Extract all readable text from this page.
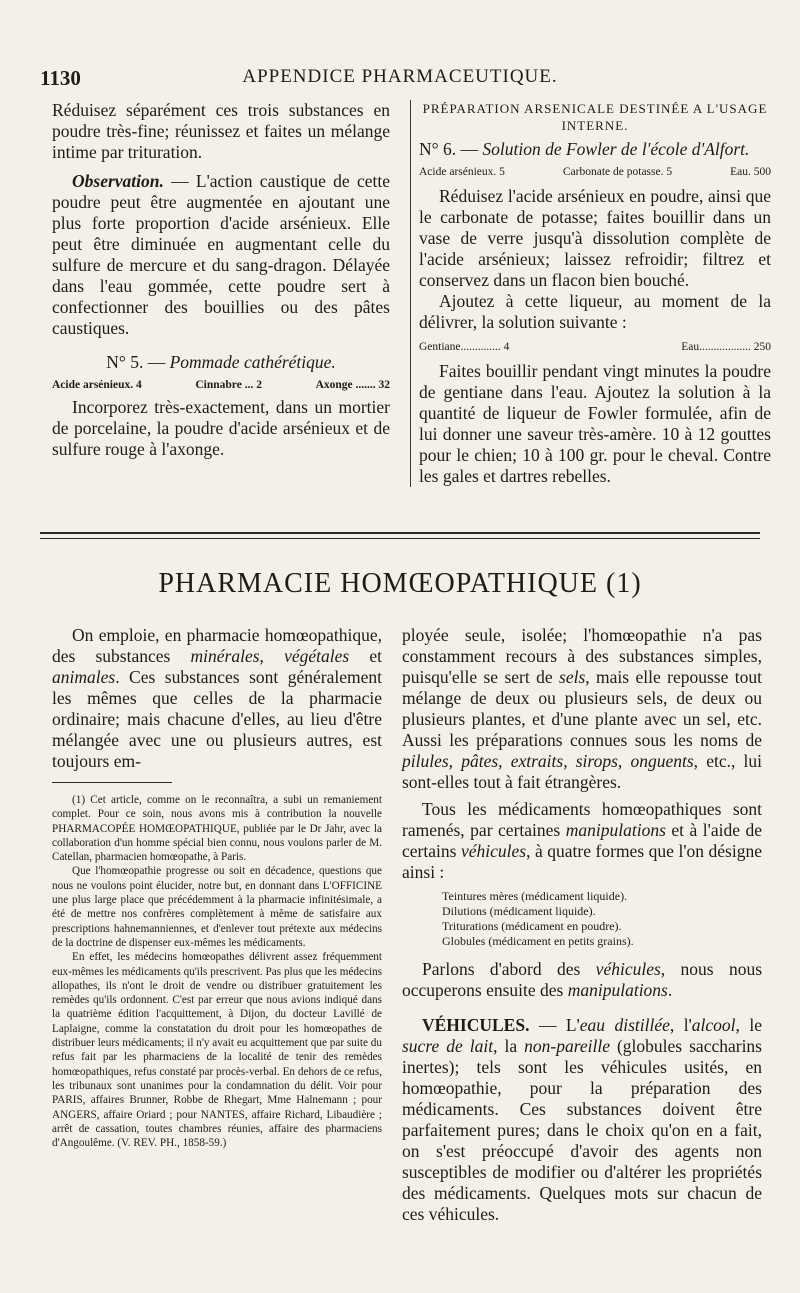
1130	APPENDICE PHARMACEUTIQUE.

Réduisez séparément ces trois substances en poudre très-fine; réunissez et faites un mélange intime par trituration.

Observation. — L'action caustique de cette poudre peut être augmentée en ajoutant une plus forte proportion d'acide arsénieux. Elle peut être diminuée en augmentant celle du sulfure de mercure et du sang-dragon. Délayée dans l'eau gommée, cette poudre sert à confectionner des bouillies ou des pâtes caustiques.

N° 5. — Pommade cathérétique.
Acide arsénieux. 4	Cinnabre ... 2	Axonge ....... 32

Incorporez très-exactement, dans un mortier de porcelaine, la poudre d'acide arsénieux et de sulfure rouge à l'axonge.

PRÉPARATION ARSENICALE DESTINÉE A L'USAGE
INTERNE.
N° 6. — Solution de Fowler de l'école d'Alfort.
Acide arsénieux. 5	Carbonate de potasse. 5	Eau. 500

Réduisez l'acide arsénieux en poudre, ainsi que le carbonate de potasse; faites bouillir dans un vase de verre jusqu'à dissolution complète de l'acide arsénieux; laissez refroidir; filtrez et conservez dans un flacon bien bouché.

Ajoutez à cette liqueur, au moment de la délivrer, la solution suivante :

Gentiane.............. 4	Eau.................. 250

Faites bouillir pendant vingt minutes la poudre de gentiane dans l'eau. Ajoutez la solution à la quantité de liqueur de Fowler formulée, afin de lui donner une saveur très-amère. 10 à 12 gouttes pour le chien; 10 à 100 gr. pour le cheval. Contre les gales et dartres rebelles.

PHARMACIE HOMŒOPATHIQUE (1)

On emploie, en pharmacie homœopathique, des substances minérales, végétales et animales. Ces substances sont généralement les mêmes que celles de la pharmacie ordinaire; mais chacune d'elles, au lieu d'être mélangée avec une ou plusieurs autres, est toujours em-

(1) Cet article, comme on le reconnaîtra, a subi un remaniement complet. Pour ce soin, nous avons mis à contribution la nouvelle PHARMACOPÉE HOMŒOPATHIQUE, publiée par le Dr Jahr, avec la collaboration d'un homme spécial bien connu, nous voulons parler de M. Catellan, pharmacien homœopathe, à Paris.

Que l'homœopathie progresse ou soit en décadence, questions que nous ne voulons point élucider, notre but, en donnant dans L'OFFICINE une plus large place que précédemment à la pharmacie infinitésimale, a été de mettre nos confrères complètement à même de satisfaire aux prescriptions hahnemanniennes, et d'enlever tout prétexte aux médecins de la doctrine de dispenser eux-mêmes les médicaments.

En effet, les médecins homœopathes délivrent assez fréquemment eux-mêmes les médicaments qu'ils prescrivent. Pas plus que les médecins allopathes, ils n'ont le droit de vendre ou distribuer gratuitement les remèdes qu'ils ordonnent. C'est par erreur que nous avions indiqué dans la quatrième édition l'acquittement, à Dijon, du docteur Lavillé de Laplaigne, comme la constatation du droit pour les homœopathes de distribuer leurs médicaments; il n'y avait eu acquittement que par suite du refus fait par les pharmaciens de la localité de tenir des remèdes homœopathiques, refus constaté par procès-verbal. En dehors de ce refus, les tribunaux sont unanimes pour la condamnation du délit. Voir pour PARIS, affaires Brunner, Robbe de Rhegart, Mme Halnemann ; pour ANGERS, affaire Oriard ; pour NANTES, affaire Richard, Libaudière ; arrêt de cassation, toutes chambres réunies, affaire des pharmaciens d'Angoulême. (V. REV. PH., 1858-59.)

ployée seule, isolée; l'homœopathie n'a pas constamment recours à des substances simples, puisqu'elle se sert de sels, mais elle repousse tout mélange de deux ou plusieurs sels, de deux ou plusieurs plantes, et d'une plante avec un sel, etc. Aussi les préparations connues sous les noms de pilules, pâtes, extraits, sirops, onguents, etc., lui sont-elles tout à fait étrangères.

Tous les médicaments homœopathiques sont ramenés, par certaines manipulations et à l'aide de certains véhicules, à quatre formes que l'on désigne ainsi :

Teintures mères (médicament liquide).
Dilutions (médicament liquide).
Triturations (médicament en poudre).
Globules (médicament en petits grains).

Parlons d'abord des véhicules, nous nous occuperons ensuite des manipulations.

VÉHICULES. — L'eau distillée, l'alcool, le sucre de lait, la non-pareille (globules saccharins inertes); tels sont les véhicules usités, en homœopathie, pour la préparation des médicaments. Ces substances doivent être parfaitement pures; dans le choix qu'on en a fait, on s'est préoccupé d'avoir des agents non susceptibles de modifier ou d'altérer les propriétés des médicaments. Quelques mots sur chacun de ces véhicules.
